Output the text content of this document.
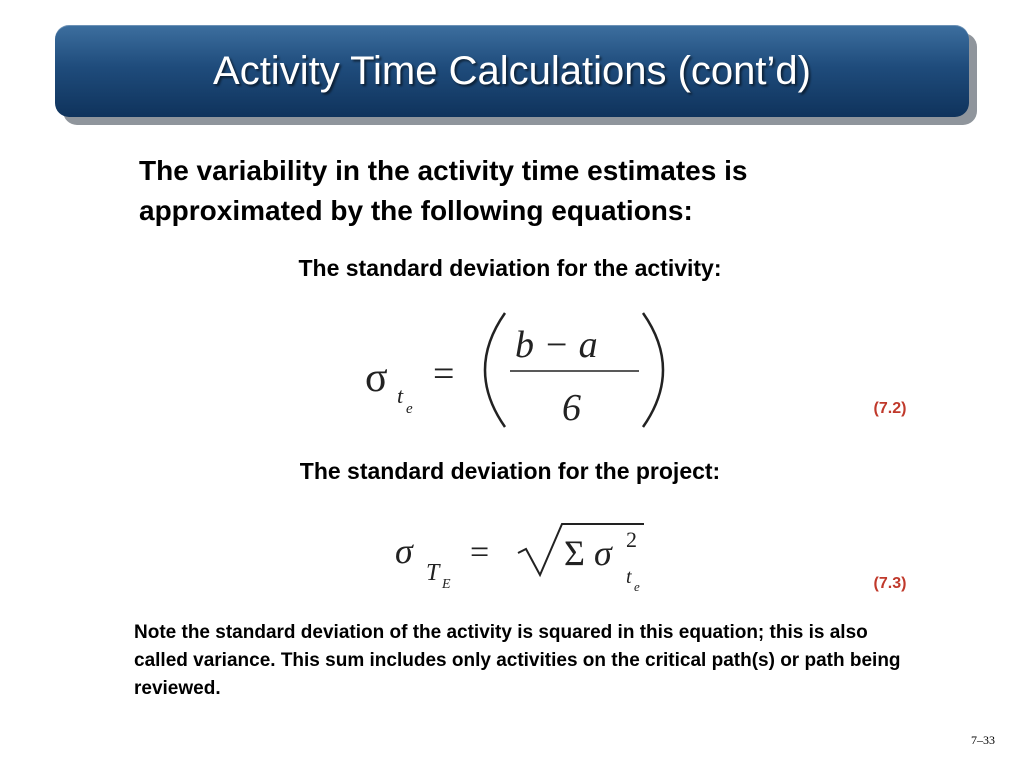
Activity Time Calculations (cont’d)
The variability in the activity time estimates is approximated by the following equations:
The standard deviation for the activity:
σ t
e
=
b − a
6	(7.2)
The standard deviation for the project:
σ
T E
= Σ σ 2
t e	(7.3)
Note the standard deviation of the activity is squared in this equation; this is also called variance. This sum includes only activities on the critical path(s) or path being reviewed.
7–33
